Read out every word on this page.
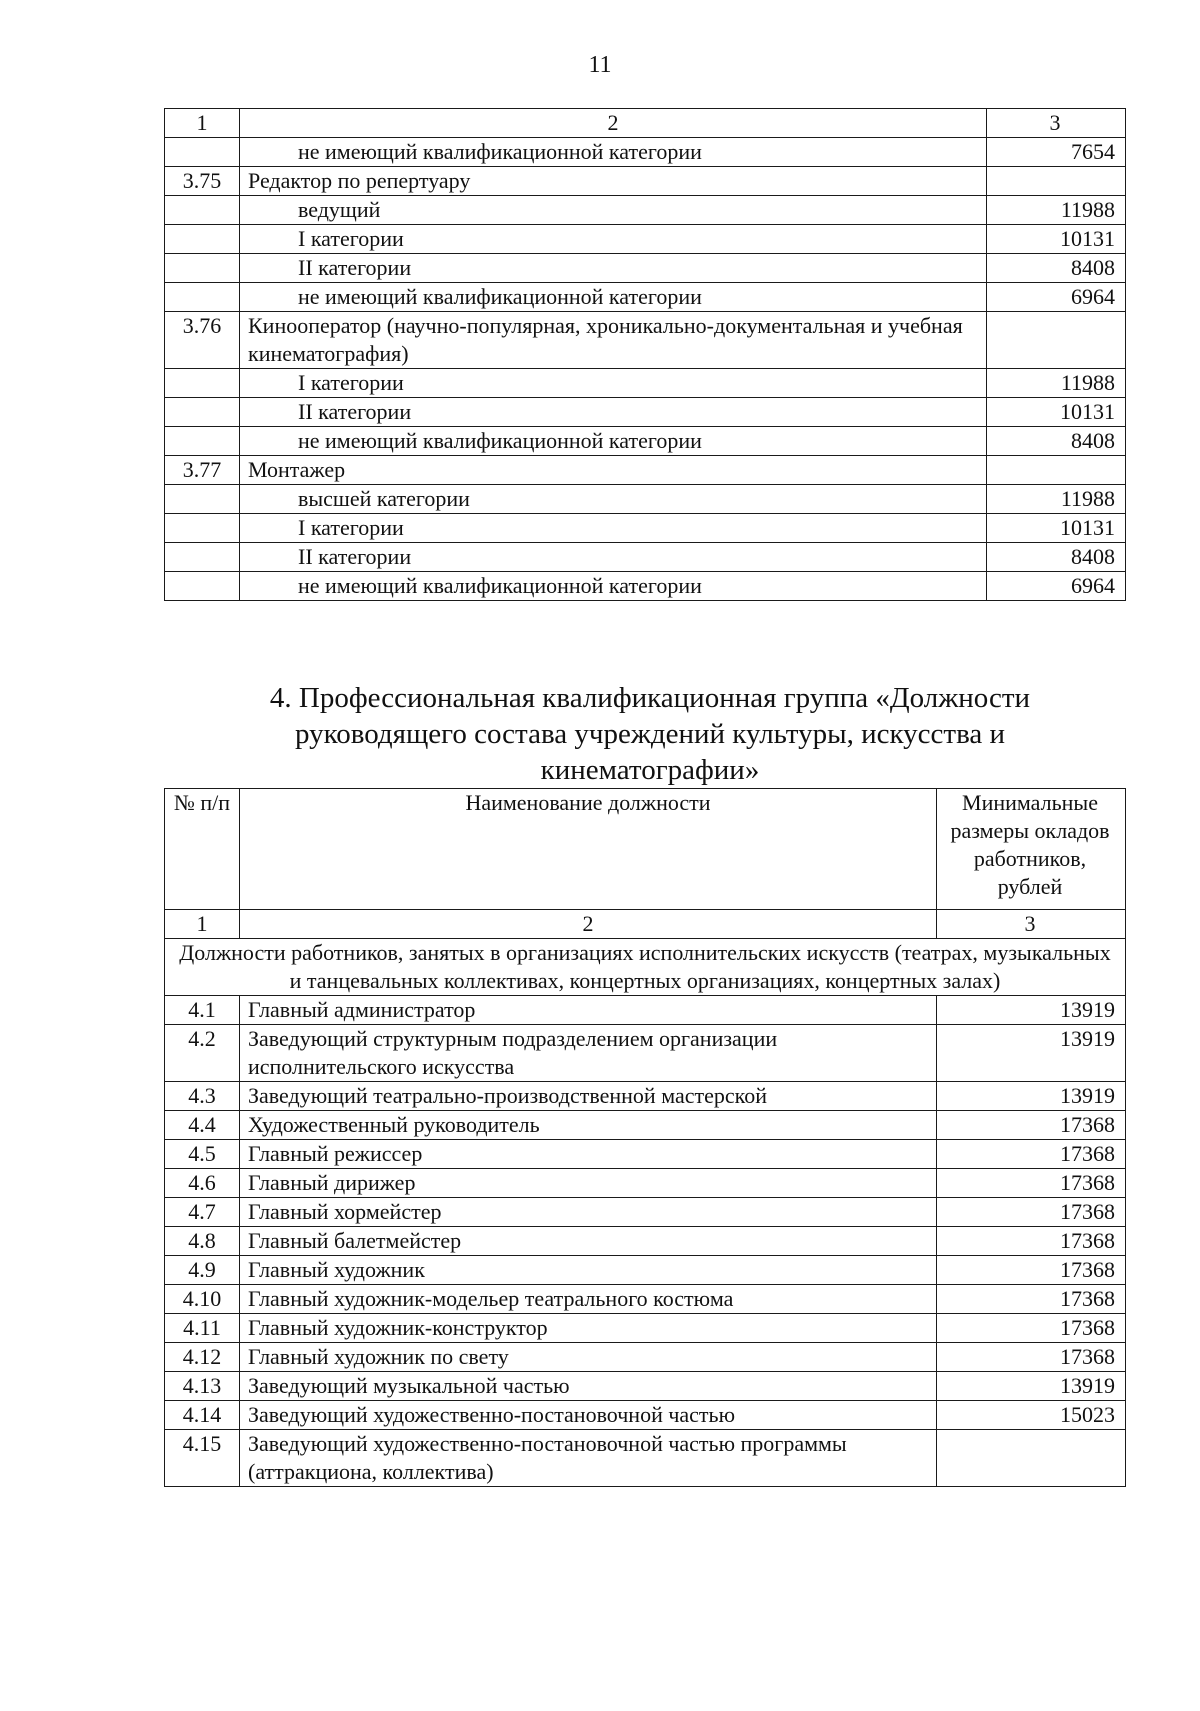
11
1	2	3
	не имеющий квалификационной категории	7654
3.75	Редактор по репертуару	
	ведущий	11988
	I категории	10131
	II категории	8408
	не имеющий квалификационной категории	6964
3.76	Кинооператор (научно-популярная, хроникально-документальная и учебная кинематография)	
	I категории	11988
	II категории	10131
	не имеющий квалификационной категории	8408
3.77	Монтажер	
	высшей категории	11988
	I категории	10131
	II категории	8408
	не имеющий квалификационной категории	6964
4. Профессиональная квалификационная группа «Должности руководящего состава учреждений культуры, искусства и кинематографии»
№ п/п	Наименование должности	Минимальные размеры окладов работников, рублей
1	2	3
Должности работников, занятых в организациях исполнительских искусств (театрах, музыкальных и танцевальных коллективах, концертных организациях, концертных залах)		
4.1	Главный администратор	13919
4.2	Заведующий структурным подразделением организации исполнительского искусства	13919
4.3	Заведующий театрально-производственной мастерской	13919
4.4	Художественный руководитель	17368
4.5	Главный режиссер	17368
4.6	Главный дирижер	17368
4.7	Главный хормейстер	17368
4.8	Главный балетмейстер	17368
4.9	Главный художник	17368
4.10	Главный художник-модельер театрального костюма	17368
4.11	Главный художник-конструктор	17368
4.12	Главный художник по свету	17368
4.13	Заведующий музыкальной частью	13919
4.14	Заведующий художественно-постановочной частью	15023
4.15	Заведующий художественно-постановочной частью программы (аттракциона, коллектива)	
